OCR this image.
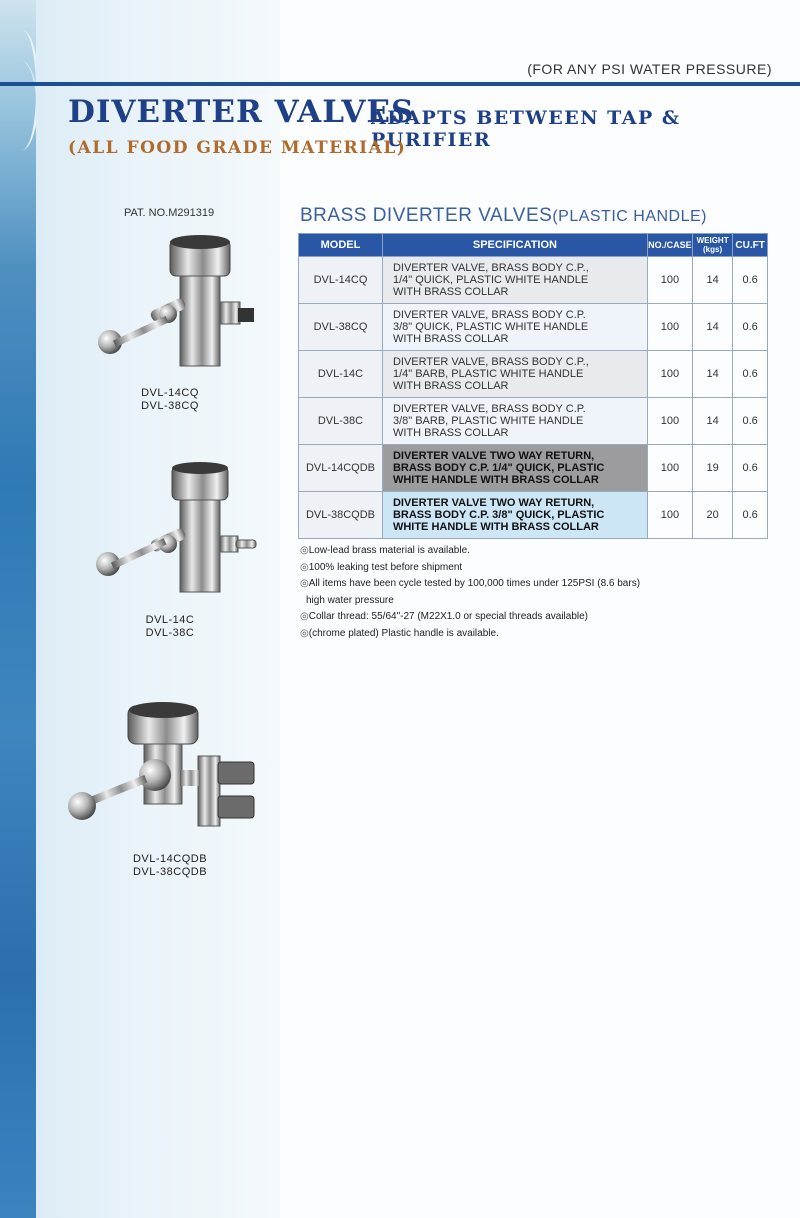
(FOR ANY PSI WATER PRESSURE)
DIVERTER VALVES
ADAPTS BETWEEN TAP & PURIFIER
(ALL FOOD GRADE MATERIAL)
PAT. NO.M291319
DVL-14CQ
DVL-38CQ
DVL-14C
DVL-38C
DVL-14CQDB
DVL-38CQDB
BRASS DIVERTER VALVES(PLASTIC HANDLE)
MODEL	SPECIFICATION	NO./CASE	WEIGHT (kgs)	CU.FT
DVL-14CQ	DIVERTER VALVE, BRASS BODY C.P.,
1/4" QUICK, PLASTIC WHITE HANDLE
WITH BRASS COLLAR	100	14	0.6
DVL-38CQ	DIVERTER VALVE, BRASS BODY C.P.
3/8" QUICK, PLASTIC WHITE HANDLE
WITH BRASS COLLAR	100	14	0.6
DVL-14C	DIVERTER VALVE, BRASS BODY C.P.,
1/4" BARB, PLASTIC WHITE HANDLE
WITH BRASS COLLAR	100	14	0.6
DVL-38C	DIVERTER VALVE, BRASS BODY C.P.
3/8" BARB, PLASTIC WHITE HANDLE
WITH BRASS COLLAR	100	14	0.6
DVL-14CQDB	DIVERTER VALVE TWO WAY RETURN,
BRASS BODY C.P. 1/4" QUICK, PLASTIC
WHITE HANDLE WITH BRASS COLLAR	100	19	0.6
DVL-38CQDB	DIVERTER VALVE TWO WAY RETURN,
BRASS BODY C.P. 3/8" QUICK, PLASTIC
WHITE HANDLE WITH BRASS COLLAR	100	20	0.6
◎Low-lead brass material is available.
◎100% leaking test before shipment
◎All items have been cycle tested by 100,000 times under 125PSI (8.6 bars)
high water pressure
◎Collar thread: 55/64"-27 (M22X1.0 or special threads available)
◎(chrome plated) Plastic handle is available.
